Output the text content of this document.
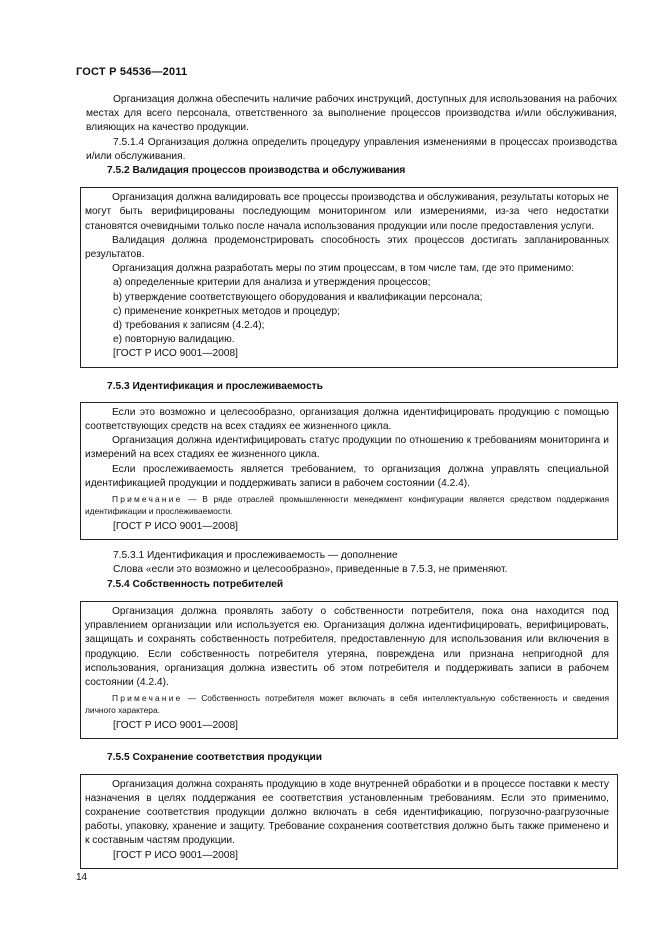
ГОСТ Р 54536—2011

Организация должна обеспечить наличие рабочих инструкций, доступных для использования на рабочих местах для всего персонала, ответственного за выполнение процессов производства и/или обслуживания, влияющих на качество продукции.

7.5.1.4 Организация должна определить процедуру управления изменениями в процессах производства и/или обслуживания.

7.5.2 Валидация процессов производства и обслуживания

Организация должна валидировать все процессы производства и обслуживания, результаты которых не могут быть верифицированы последующим мониторингом или измерениями, из-за чего недостатки становятся очевидными только после начала использования продукции или после предоставления услуги.

Валидация должна продемонстрировать способность этих процессов достигать запланированных результатов.

Организация должна разработать меры по этим процессам, в том числе там, где это применимо:

a) определенные критерии для анализа и утверждения процессов;

b) утверждение соответствующего оборудования и квалификации персонала;

c) применение конкретных методов и процедур;

d) требования к записям (4.2.4);

e) повторную валидацию.

[ГОСТ Р ИСО 9001—2008]

7.5.3 Идентификация и прослеживаемость

Если это возможно и целесообразно, организация должна идентифицировать продукцию с помощью соответствующих средств на всех стадиях ее жизненного цикла.

Организация должна идентифицировать статус продукции по отношению к требованиям мониторинга и измерений на всех стадиях ее жизненного цикла.

Если прослеживаемость является требованием, то организация должна управлять специальной идентификацией продукции и поддерживать записи в рабочем состоянии (4.2.4).

Примечание — В ряде отраслей промышленности менеджмент конфигурации является средством поддержания идентификации и прослеживаемости.

[ГОСТ Р ИСО 9001—2008]

7.5.3.1 Идентификация и прослеживаемость — дополнение

Слова «если это возможно и целесообразно», приведенные в 7.5.3, не применяют.

7.5.4 Собственность потребителей

Организация должна проявлять заботу о собственности потребителя, пока она находится под управлением организации или используется ею. Организация должна идентифицировать, верифицировать, защищать и сохранять собственность потребителя, предоставленную для использования или включения в продукцию. Если собственность потребителя утеряна, повреждена или признана непригодной для использования, организация должна известить об этом потребителя и поддерживать записи в рабочем состоянии (4.2.4).

Примечание — Собственность потребителя может включать в себя интеллектуальную собственность и сведения личного характера.

[ГОСТ Р ИСО 9001—2008]

7.5.5 Сохранение соответствия продукции

Организация должна сохранять продукцию в ходе внутренней обработки и в процессе поставки к месту назначения в целях поддержания ее соответствия установленным требованиям. Если это применимо, сохранение соответствия продукции должно включать в себя идентификацию, погрузочно-разгрузочные работы, упаковку, хранение и защиту. Требование сохранения соответствия должно быть также применено и к составным частям продукции.

[ГОСТ Р ИСО 9001—2008]

14
